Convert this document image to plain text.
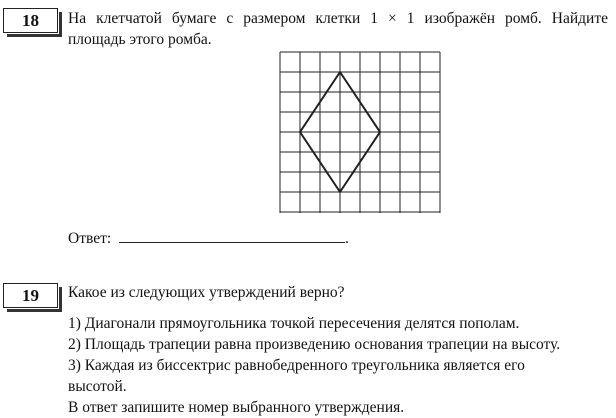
18 На клетчатой бумаге с размером клетки 1 × 1 изображён ромб. Найдите
площадь этого ромба.
Ответ:	.
19 Какое из следующих утверждений верно?
1) Диагонали прямоугольника точкой пересечения делятся пополам.
2) Площадь трапеции равна произведению основания трапеции на высоту.
3) Каждая из биссектрис равнобедренного треугольника является его
высотой.
В ответ запишите номер выбранного утверждения.
